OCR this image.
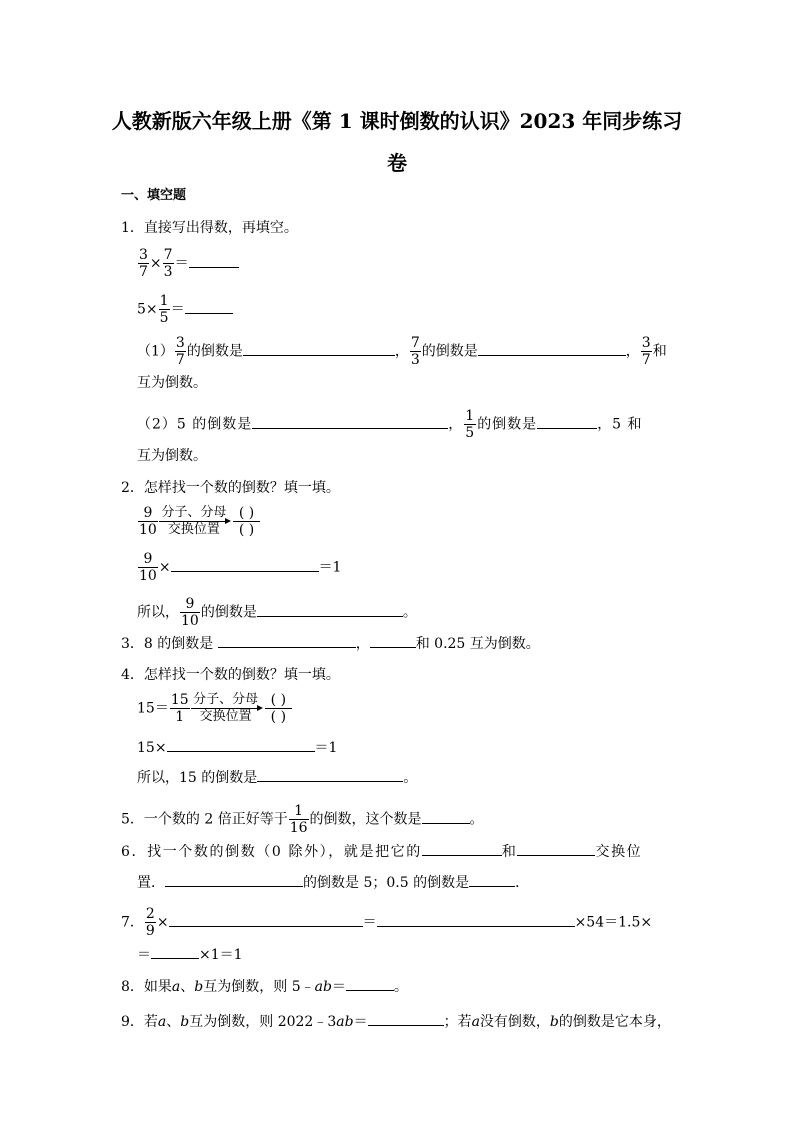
人教新版六年级上册《第 1 课时倒数的认识》2023 年同步练习
卷
一、填空题
1．直接写出得数，再填空。
$\frac{3}{7} \times \frac{7}{3}$ ＝
$5\times \frac{1}{5}$ ＝
$(1) \frac{3}{7}$ 的倒数是	， $\frac{7}{3}$ 的倒数是	， $\frac{3}{7}$ 和
互为倒数。
（2）5 的倒数是	， $\frac{1}{5}$ 的倒数是	，5 和
互为倒数。
2．怎样找一个数的倒数？填一填。
$\frac{9}{10}$ 分子、分母
交换位置 $\frac{( )}{( )}$
$\frac{9}{10}$ ×	＝1
所以， $\frac{9}{10}$ 的倒数是	。
3．8 的倒数是	，	和 0.25 互为倒数。
4．怎样找一个数的倒数？填一填。
$15= \frac{15}{1}$ 分子、分母
交换位置 $\frac{( )}{( )}$
15×	＝1
所以，15 的倒数是	。
5．一个数的 2 倍正好等于 $\frac{1}{16}$ 的倒数，这个数是	。
6．找一个数的倒数（0 除外），就是把它的	和	交换位
置．	的倒数是 5；0.5 的倒数是	．
7． $\frac{2}{9}$ ×	＝	×54＝1.5×
＝	×1＝1
8．如果a、b互为倒数，则 5﹣ab＝	。
9．若a、b互为倒数，则 2022﹣3ab＝	；若a没有倒数，b的倒数是它本身，
